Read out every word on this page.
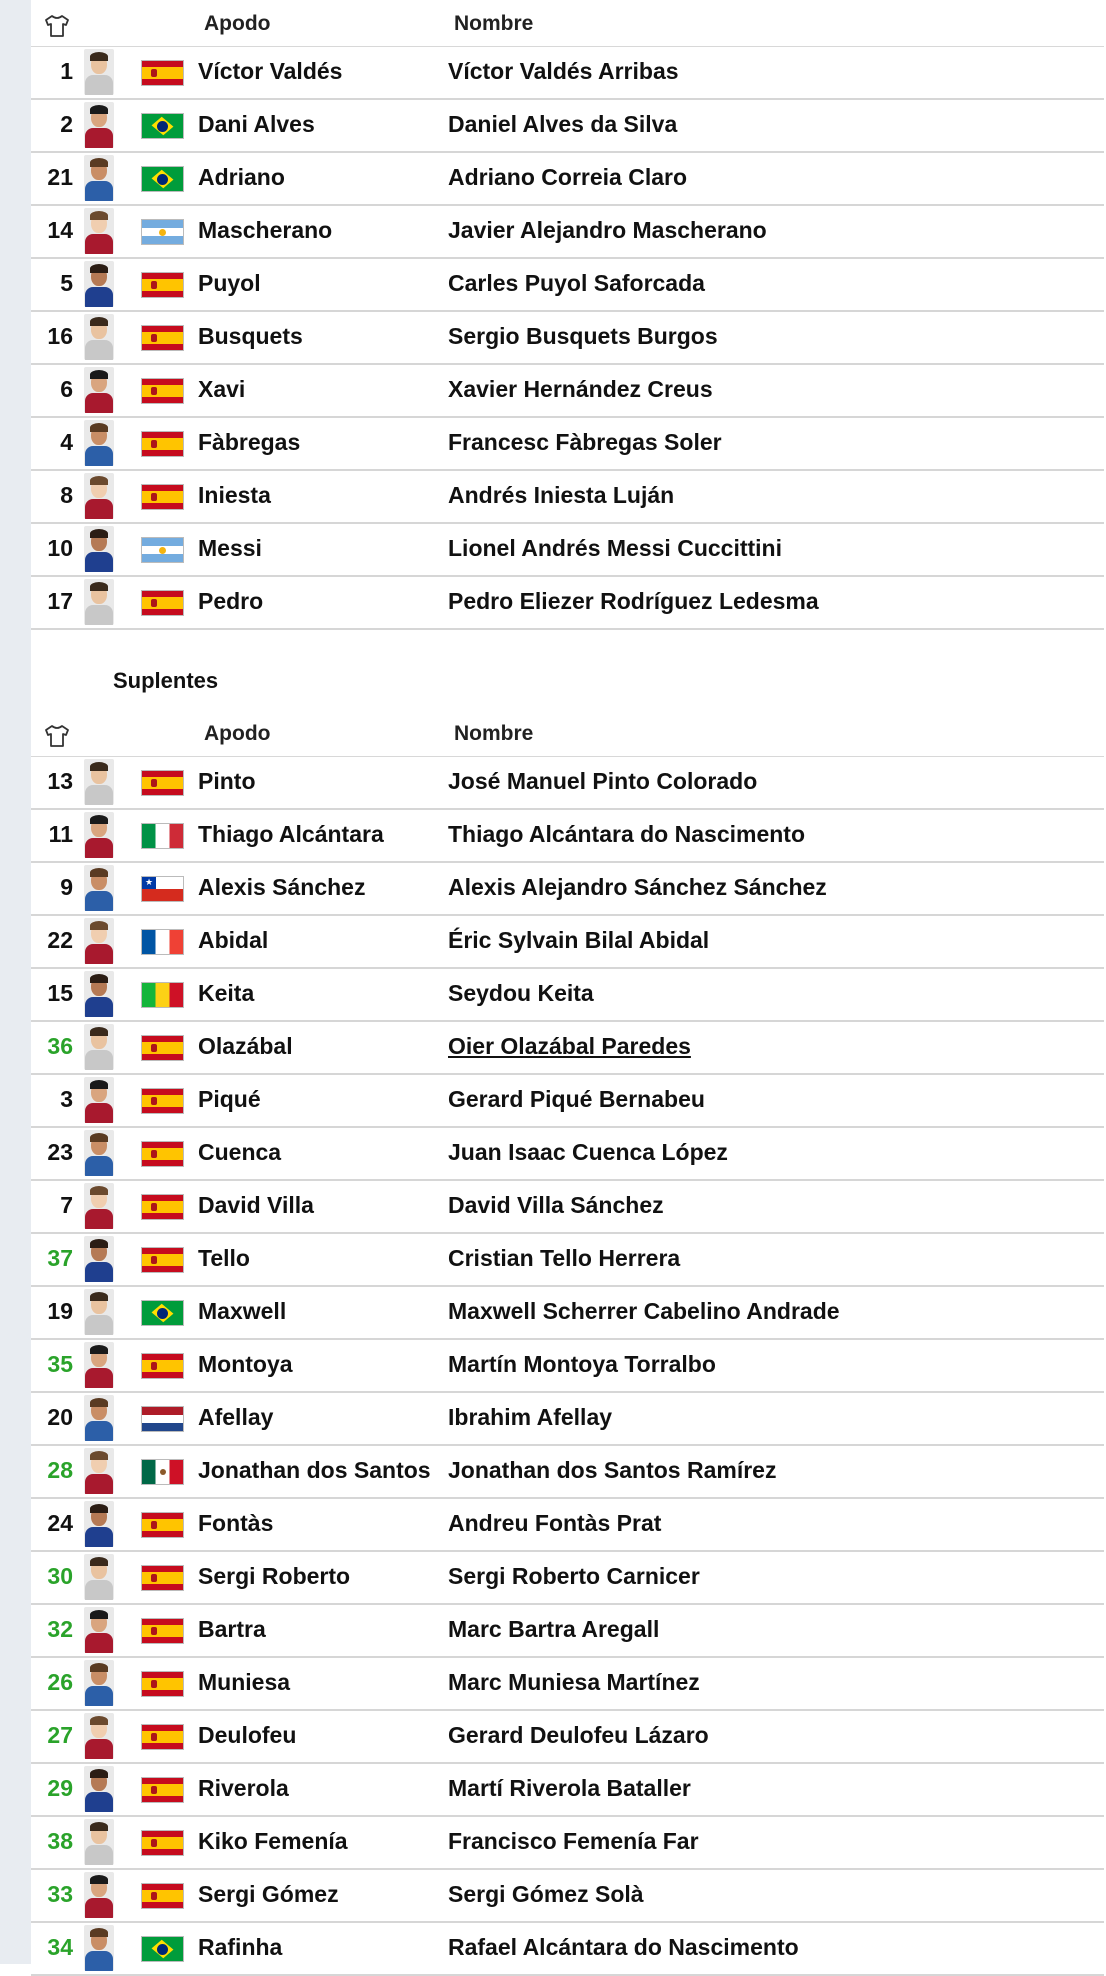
Apodo	Nombre
1	Víctor Valdés	Víctor Valdés Arribas
2	Dani Alves	Daniel Alves da Silva
21	Adriano	Adriano Correia Claro
14	Mascherano	Javier Alejandro Mascherano
5	Puyol	Carles Puyol Saforcada
16	Busquets	Sergio Busquets Burgos
6	Xavi	Xavier Hernández Creus
4	Fàbregas	Francesc Fàbregas Soler
8	Iniesta	Andrés Iniesta Luján
10	Messi	Lionel Andrés Messi Cuccittini
17	Pedro	Pedro Eliezer Rodríguez Ledesma
Suplentes
Apodo	Nombre
13	Pinto	José Manuel Pinto Colorado
11	Thiago Alcántara	Thiago Alcántara do Nascimento
9
★	Alexis Sánchez	Alexis Alejandro Sánchez Sánchez
22	Abidal	Éric Sylvain Bilal Abidal
15	Keita	Seydou Keita
36	Olazábal	Oier Olazábal Paredes
3	Piqué	Gerard Piqué Bernabeu
23	Cuenca	Juan Isaac Cuenca López
7	David Villa	David Villa Sánchez
37	Tello	Cristian Tello Herrera
19	Maxwell	Maxwell Scherrer Cabelino Andrade
35	Montoya	Martín Montoya Torralbo
20	Afellay	Ibrahim Afellay
28	Jonathan dos Santos Jonathan dos Santos Ramírez
24	Fontàs	Andreu Fontàs Prat
30	Sergi Roberto	Sergi Roberto Carnicer
32	Bartra	Marc Bartra Aregall
26	Muniesa	Marc Muniesa Martínez
27	Deulofeu	Gerard Deulofeu Lázaro
29	Riverola	Martí Riverola Bataller
38	Kiko Femenía	Francisco Femenía Far
33	Sergi Gómez	Sergi Gómez Solà
34	Rafinha	Rafael Alcántara do Nascimento
